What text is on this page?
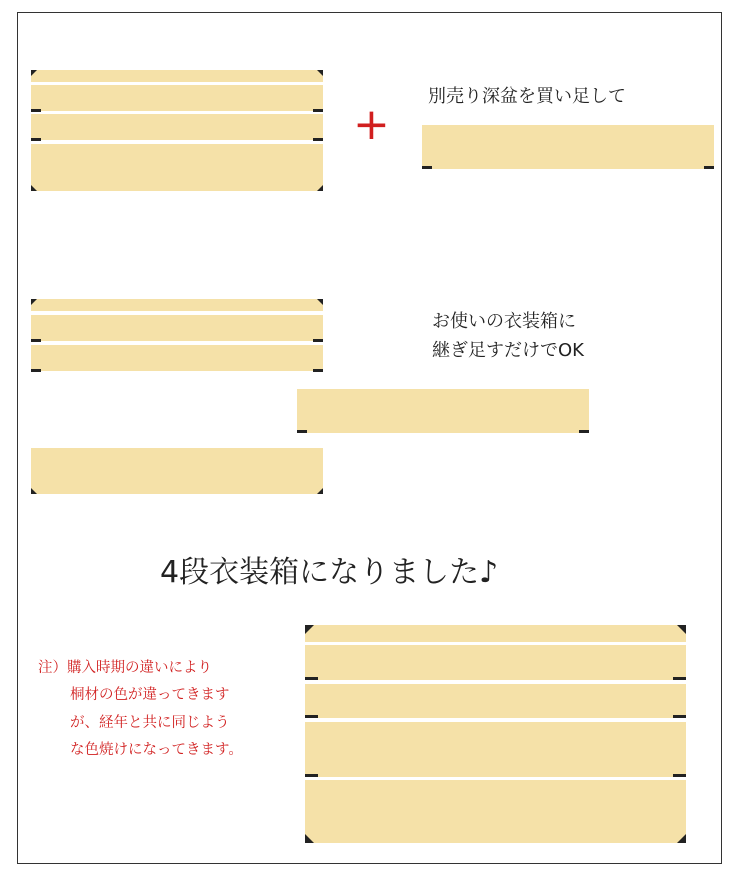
+
別売り深盆を買い足して
お使いの衣装箱に
継ぎ足すだけでOK
4段衣装箱になりました♪
注）購入時期の違いにより
桐材の色が違ってきます
が、経年と共に同じよう
な色焼けになってきます。
